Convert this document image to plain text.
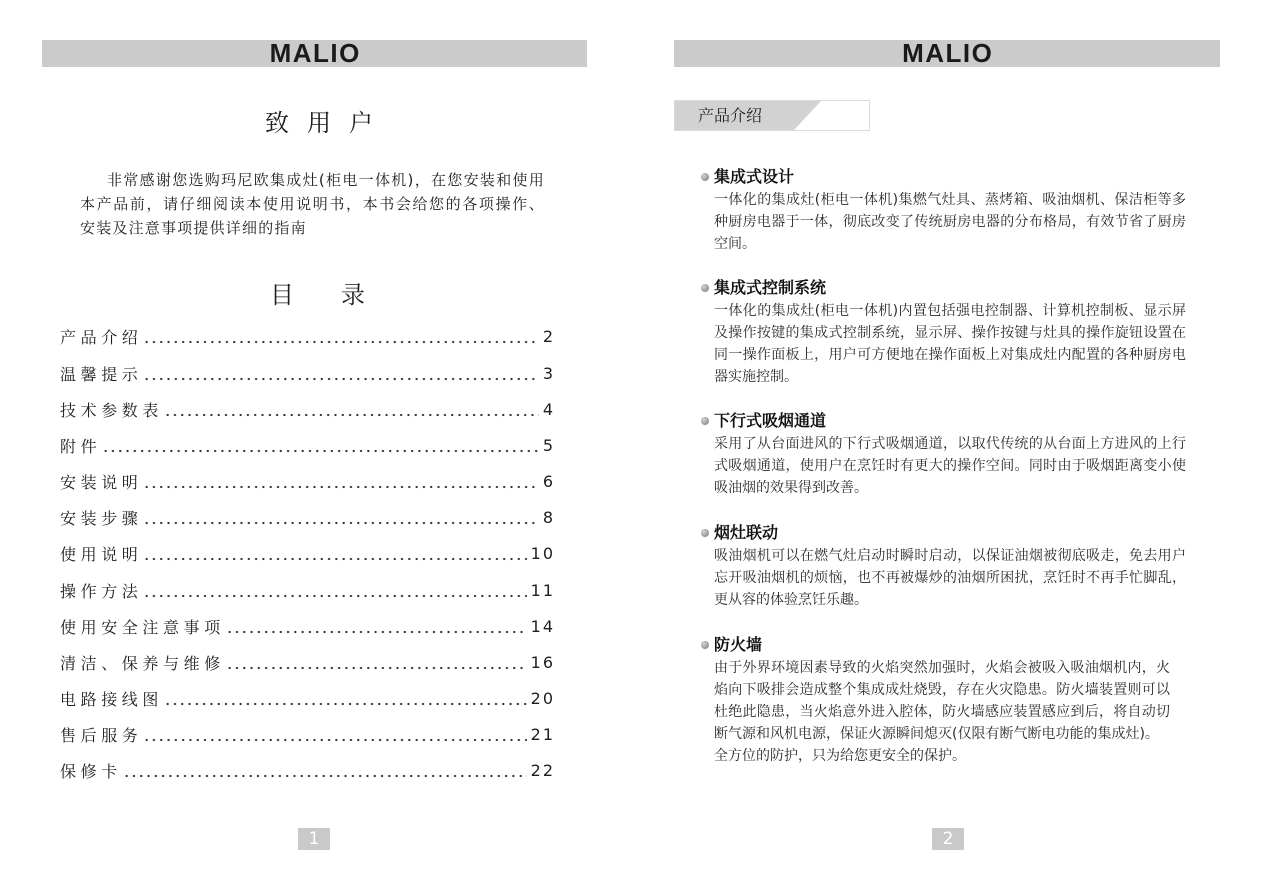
MALIO
致用户
非常感谢您选购玛尼欧集成灶(柜电一体机)，在您安装和使用
本产品前，请仔细阅读本使用说明书，本书会给您的各项操作、
安装及注意事项提供详细的指南
目录
产品介绍	2
温馨提示	3
技术参数表	4
附件	5
安装说明	6
安装步骤	8
使用说明	10
操作方法	11
使用安全注意事项	14
清洁、保养与维修	16
电路接线图	20
售后服务	21
保修卡	22
1
MALIO
产品介绍
集成式设计
一体化的集成灶(柜电一体机)集燃气灶具、蒸烤箱、吸油烟机、保洁柜等多
种厨房电器于一体，彻底改变了传统厨房电器的分布格局，有效节省了厨房
空间。
集成式控制系统
一体化的集成灶(柜电一体机)内置包括强电控制器、计算机控制板、显示屏
及操作按键的集成式控制系统，显示屏、操作按键与灶具的操作旋钮设置在
同一操作面板上，用户可方便地在操作面板上对集成灶内配置的各种厨房电
器实施控制。
下行式吸烟通道
采用了从台面进风的下行式吸烟通道，以取代传统的从台面上方进风的上行
式吸烟通道，使用户在烹饪时有更大的操作空间。同时由于吸烟距离变小使
吸油烟的效果得到改善。
烟灶联动
吸油烟机可以在燃气灶启动时瞬时启动，以保证油烟被彻底吸走，免去用户
忘开吸油烟机的烦恼，也不再被爆炒的油烟所困扰，烹饪时不再手忙脚乱，
更从容的体验烹饪乐趣。
防火墙
由于外界环境因素导致的火焰突然加强时，火焰会被吸入吸油烟机内，火
焰向下吸排会造成整个集成成灶烧毁，存在火灾隐患。防火墙装置则可以
杜绝此隐患，当火焰意外进入腔体，防火墙感应装置感应到后，将自动切
断气源和风机电源，保证火源瞬间熄灭(仅限有断气断电功能的集成灶)。
全方位的防护，只为给您更安全的保护。
2
